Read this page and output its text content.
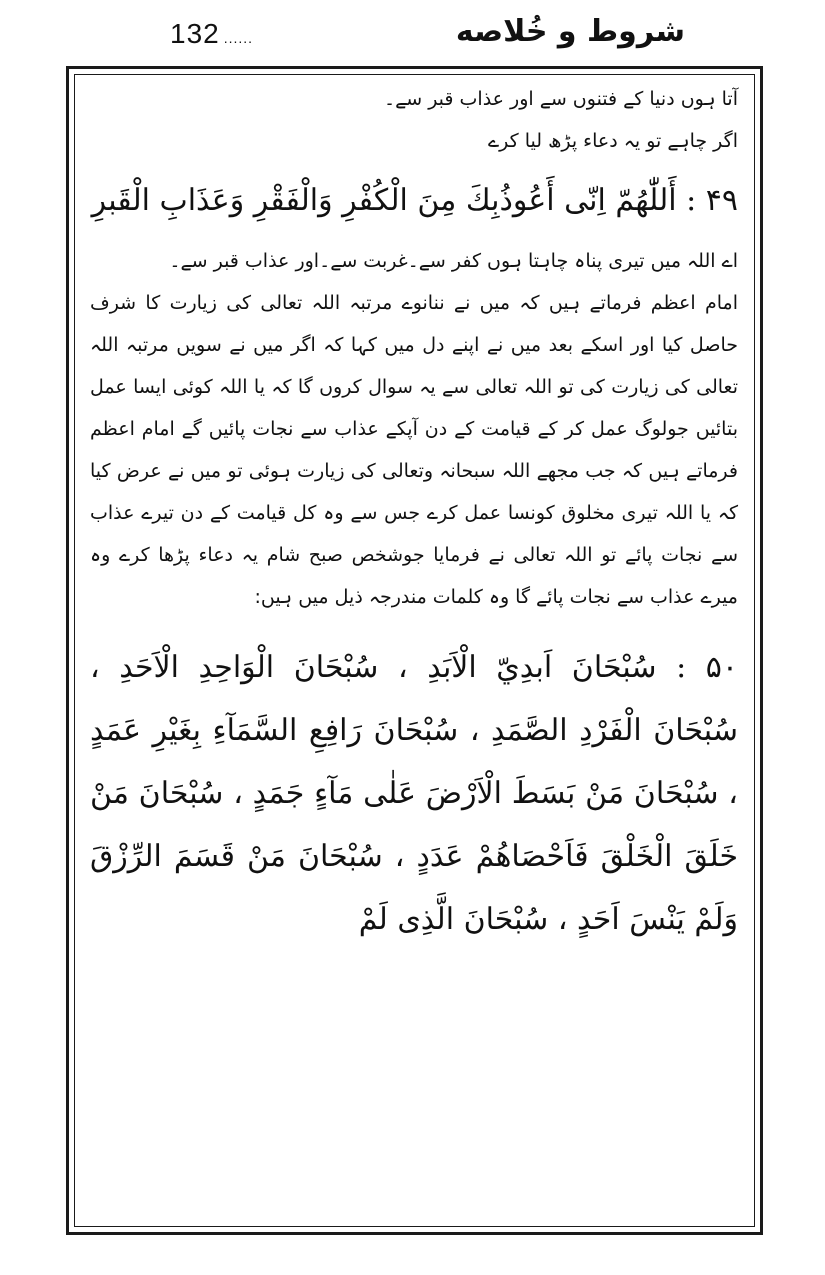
132 ......	شروط و خُلاصه

آتا ہوں دنیا کے فتنوں سے اور عذاب قبر سے۔

اگر چاہے تو یہ دعاء پڑھ لیا کرے

۴۹ : أَللّٰهُمّ اِنّی أَعُوذُبِكَ مِنَ الْكُفْرِ وَالْفَقْرِ وَعَذَابِ الْقَبرِ

اے اللہ میں تیری پناہ چاہتا ہوں کفر سے۔غربت سے۔اور عذاب قبر سے۔

امام اعظم فرماتے ہیں کہ میں نے ننانوے مرتبہ اللہ تعالی کی زیارت کا شرف حاصل کیا اور اسکے بعد میں نے اپنے دل میں کہا کہ اگر میں نے سویں مرتبہ اللہ تعالی کی زیارت کی تو اللہ تعالی سے یہ سوال کروں گا کہ یا اللہ کوئی ایسا عمل بتائیں جولوگ عمل کر کے قیامت کے دن آپکے عذاب سے نجات پائیں گے امام اعظم فرماتے ہیں کہ جب مجھے اللہ سبحانہ وتعالی کی زیارت ہوئی تو میں نے عرض کیا کہ یا اللہ تیری مخلوق کونسا عمل کرے جس سے وہ کل قیامت کے دن تیرے عذاب سے نجات پائے تو اللہ تعالی نے فرمایا جوشخص صبح شام یہ دعاء پڑھا کرے وہ میرے عذاب سے نجات پائے گا وہ کلمات مندرجہ ذیل میں ہیں:

۵۰ : سُبْحَانَ اَبدِيّ الْاَبَدِ ، سُبْحَانَ الْوَاحِدِ الْاَحَدِ ، سُبْحَانَ الْفَرْدِ الصَّمَدِ ، سُبْحَانَ رَافِعِ السَّمَآءِ بِغَيْرِ عَمَدٍ ، سُبْحَانَ مَنْ بَسَطَ الْاَرْضَ عَلٰى مَآءٍ جَمَدٍ ، سُبْحَانَ مَنْ خَلَقَ الْخَلْقَ فَاَحْصَاهُمْ عَدَدٍ ، سُبْحَانَ مَنْ قَسَمَ الرِّزْقَ وَلَمْ يَنْسَ اَحَدٍ ، سُبْحَانَ الَّذِی لَمْ
